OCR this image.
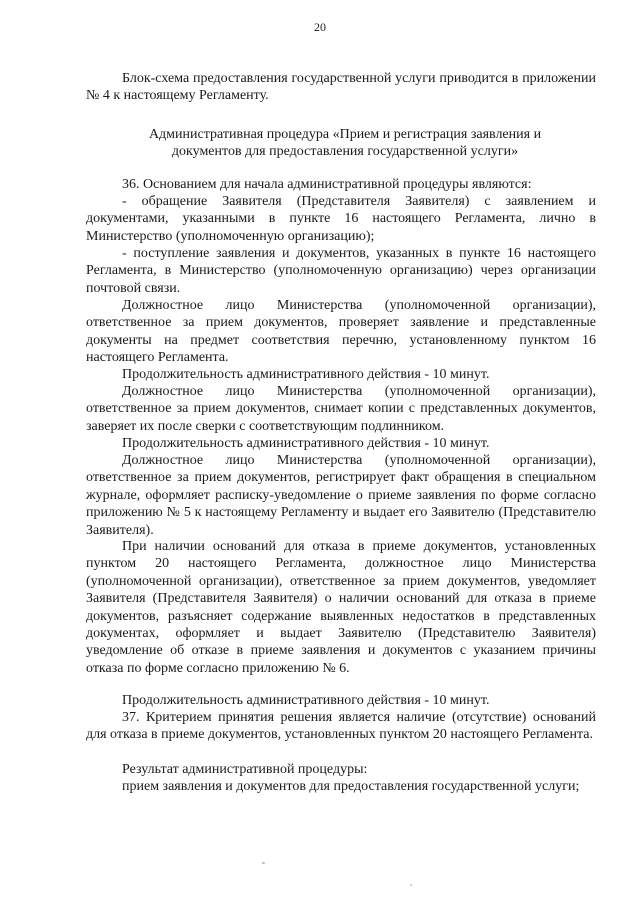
20

Блок-схема предоставления государственной услуги приводится в приложении № 4 к настоящему Регламенту.

Административная процедура «Прием и регистрация заявления и документов для предоставления государственной услуги»

36. Основанием для начала административной процедуры являются:

- обращение Заявителя (Представителя Заявителя) с заявлением и документами, указанными в пункте 16 настоящего Регламента, лично в Министерство (уполномоченную организацию);

- поступление заявления и документов, указанных в пункте 16 настоящего Регламента, в Министерство (уполномоченную организацию) через организации почтовой связи.

Должностное лицо Министерства (уполномоченной организации), ответственное за прием документов, проверяет заявление и представленные документы на предмет соответствия перечню, установленному пунктом 16 настоящего Регламента.

Продолжительность административного действия - 10 минут.

Должностное лицо Министерства (уполномоченной организации), ответственное за прием документов, снимает копии с представленных документов, заверяет их после сверки с соответствующим подлинником.

Продолжительность административного действия - 10 минут.

Должностное лицо Министерства (уполномоченной организации), ответственное за прием документов, регистрирует факт обращения в специальном журнале, оформляет расписку-уведомление о приеме заявления по форме согласно приложению № 5 к настоящему Регламенту и выдает его Заявителю (Представителю Заявителя).

При наличии оснований для отказа в приеме документов, установленных пунктом 20 настоящего Регламента, должностное лицо Министерства (уполномоченной организации), ответственное за прием документов, уведомляет Заявителя (Представителя Заявителя) о наличии оснований для отказа в приеме документов, разъясняет содержание выявленных недостатков в представленных документах, оформляет и выдает Заявителю (Представителю Заявителя) уведомление об отказе в приеме заявления и документов с указанием причины отказа по форме согласно приложению № 6.

Продолжительность административного действия - 10 минут.

37. Критерием принятия решения является наличие (отсутствие) оснований для отказа в приеме документов, установленных пунктом 20 настоящего Регламента.

Результат административной процедуры:

прием заявления и документов для предоставления государственной услуги;
